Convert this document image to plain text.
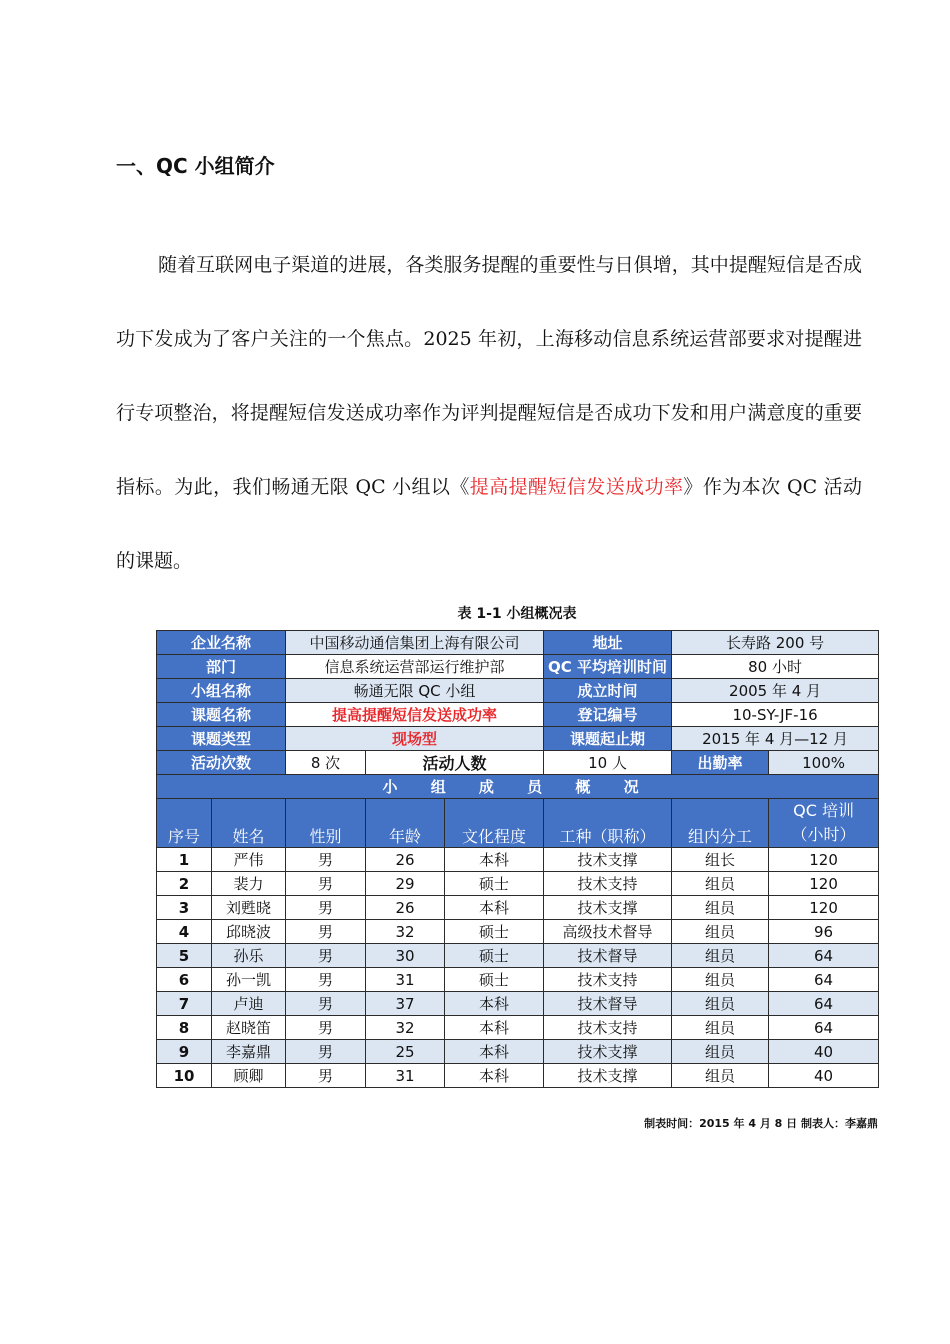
一、QC 小组简介
随着互联网电子渠道的进展，各类服务提醒的重要性与日俱增，其中提醒短信是否成功下发成为了客户关注的一个焦点。2025 年初，上海移动信息系统运营部要求对提醒进行专项整治，将提醒短信发送成功率作为评判提醒短信是否成功下发和用户满意度的重要指标。为此，我们畅通无限 QC 小组以《提高提醒短信发送成功率》作为本次 QC 活动的课题。
表 1-1 小组概况表
企业名称		中国移动通信集团上海有限公司			地址	长寿路 200 号	
部门		信息系统运营部运行维护部			QC 平均培训时间	80 小时	
小组名称		畅通无限 QC 小组			成立时间	2005 年 4 月	
课题名称		提高提醒短信发送成功率			登记编号	10-SY-JF-16	
课题类型		现场型			课题起止期	2015 年 4 月—12 月	
活动次数		8 次	活动人数		10 人	出勤率	100%
小 组 成 员 概 况							
序号	姓名	性别	年龄	文化程度	工种（职称）	组内分工	QC 培训
（小时）
1	严伟	男	26	本科	技术支撑	组长	120
2	裴力	男	29	硕士	技术支持	组员	120
3	刘甦晓	男	26	本科	技术支撑	组员	120
4	邱晓波	男	32	硕士	高级技术督导	组员	96
5	孙乐	男	30	硕士	技术督导	组员	64
6	孙一凯	男	31	硕士	技术支持	组员	64
7	卢迪	男	37	本科	技术督导	组员	64
8	赵晓笛	男	32	本科	技术支持	组员	64
9	李嘉鼎	男	25	本科	技术支撑	组员	40
10	顾卿	男	31	本科	技术支撑	组员	40
制表时间：2015 年 4 月 8 日 制表人：李嘉鼎
